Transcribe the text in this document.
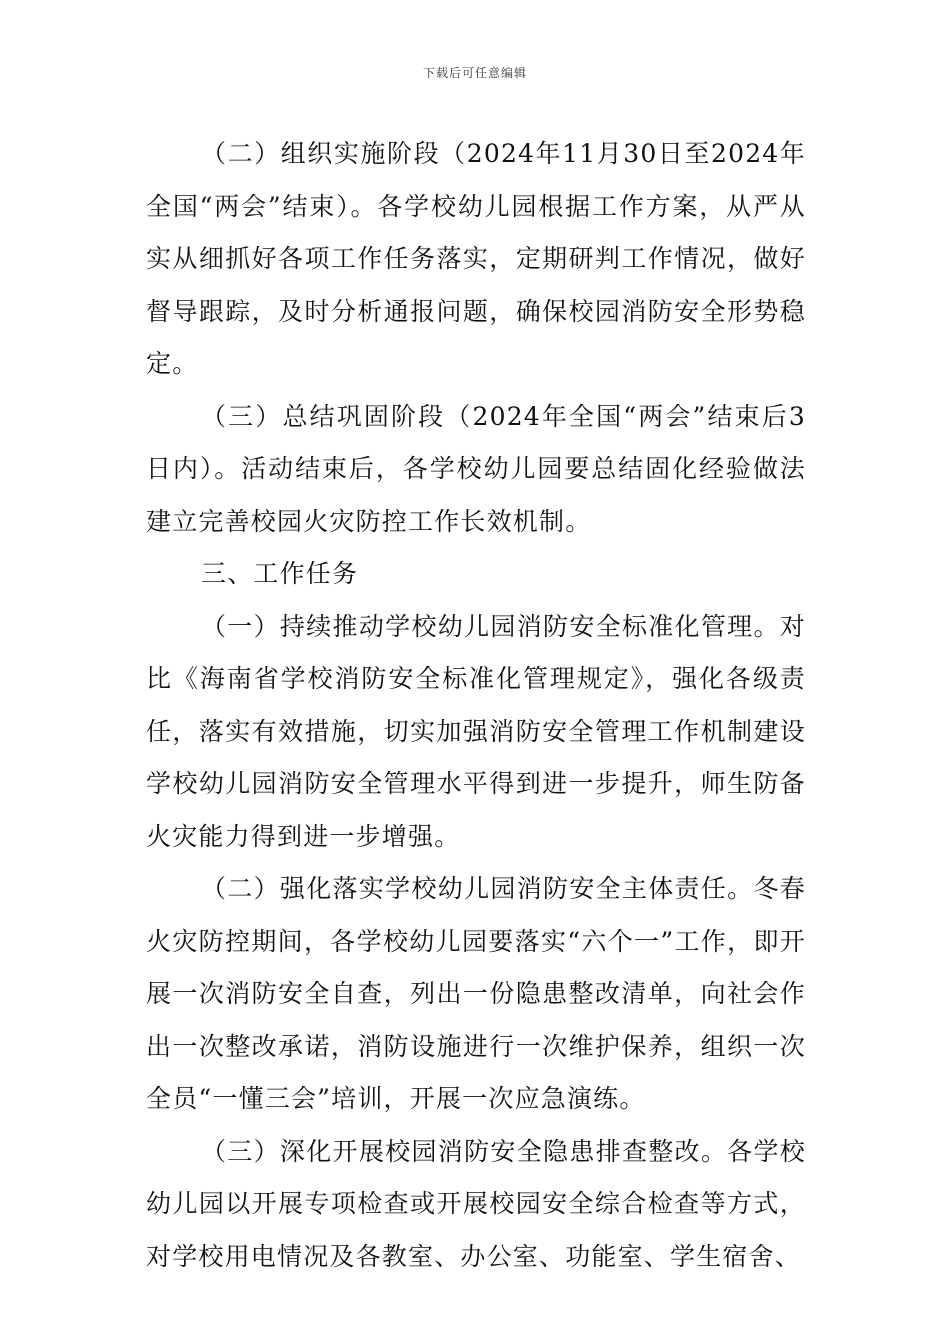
下载后可任意编辑

（二）组织实施阶段（2024年11月30日至2024年全国“两会”结束）。各学校幼儿园根据工作方案，从严从实从细抓好各项工作任务落实，定期研判工作情况，做好督导跟踪，及时分析通报问题，确保校园消防安全形势稳定。

（三）总结巩固阶段（2024年全国“两会”结束后3日内）。活动结束后，各学校幼儿园要总结固化经验做法建立完善校园火灾防控工作长效机制。

三、工作任务

（一）持续推动学校幼儿园消防安全标准化管理。对比《海南省学校消防安全标准化管理规定》，强化各级责任，落实有效措施，切实加强消防安全管理工作机制建设学校幼儿园消防安全管理水平得到进一步提升，师生防备火灾能力得到进一步增强。

（二）强化落实学校幼儿园消防安全主体责任。冬春火灾防控期间，各学校幼儿园要落实“六个一”工作，即开展一次消防安全自查，列出一份隐患整改清单，向社会作出一次整改承诺，消防设施进行一次维护保养，组织一次全员“一懂三会”培训，开展一次应急演练。

（三）深化开展校园消防安全隐患排查整改。各学校幼儿园以开展专项检查或开展校园安全综合检查等方式，对学校用电情况及各教室、办公室、功能室、学生宿舍、
